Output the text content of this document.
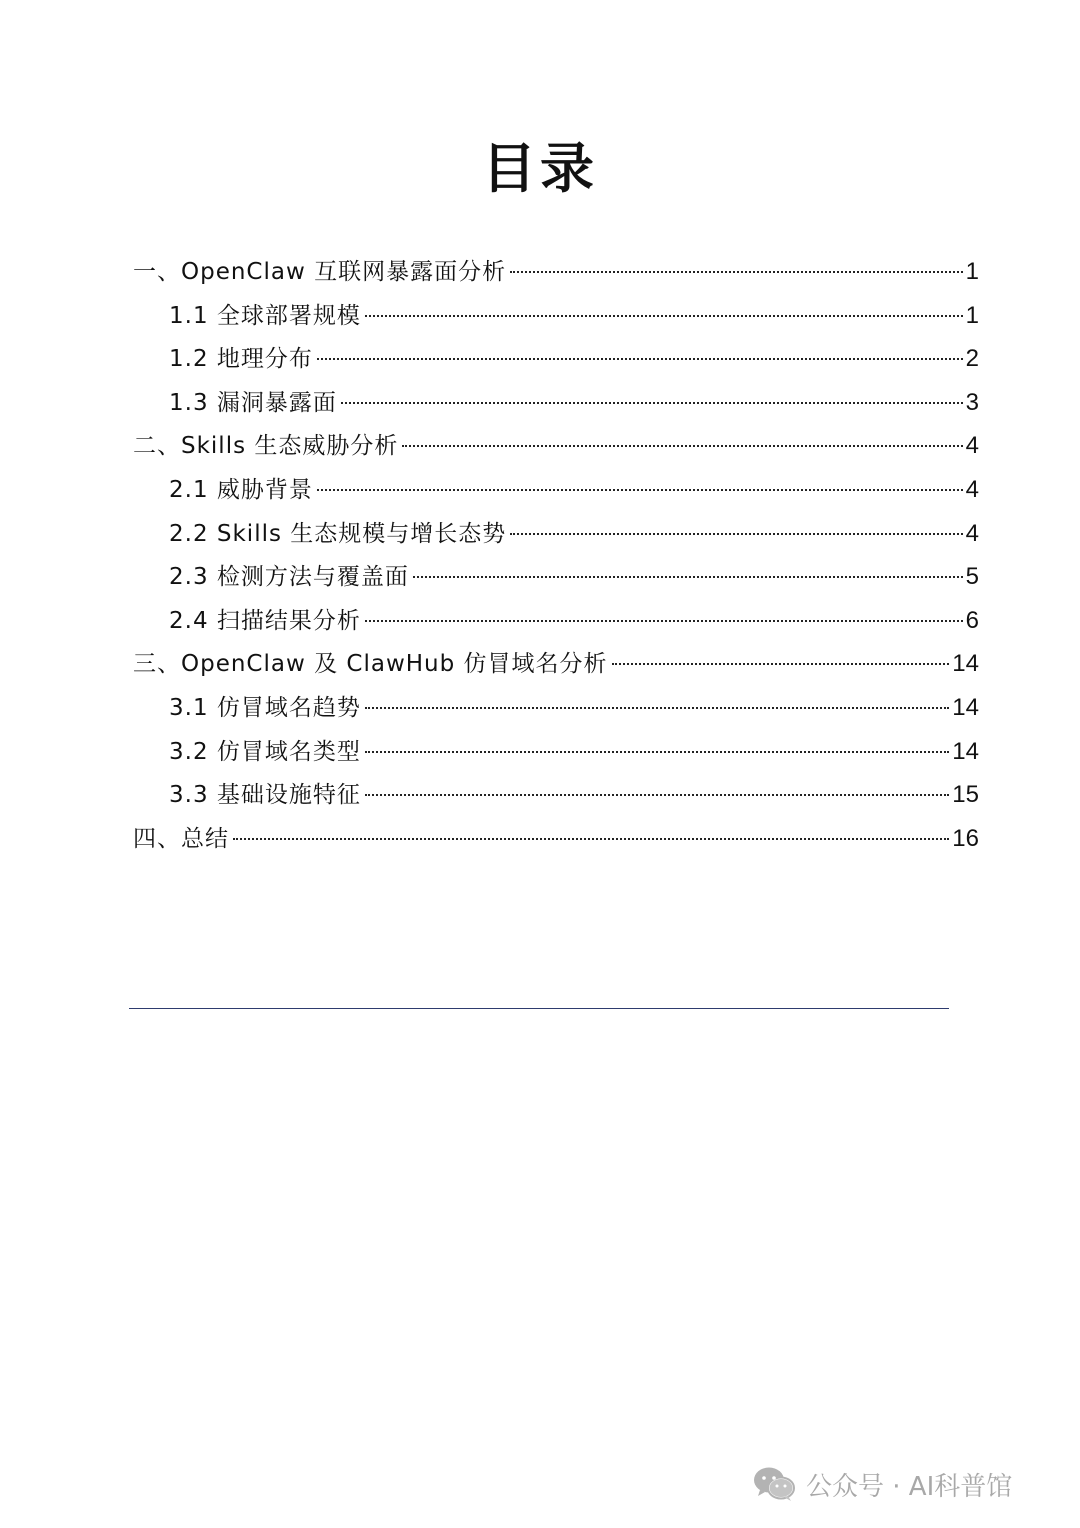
目录
一、OpenClaw 互联网暴露面分析	1
1.1 全球部署规模	1
1.2 地理分布	2
1.3 漏洞暴露面	3
二、Skills 生态威胁分析	4
2.1 威胁背景	4
2.2 Skills 生态规模与增长态势	4
2.3 检测方法与覆盖面	5
2.4 扫描结果分析	6
三、OpenClaw 及 ClawHub 仿冒域名分析	14
3.1 仿冒域名趋势	14
3.2 仿冒域名类型	14
3.3 基础设施特征	15
四、总结	16
公众号 · AI科普馆
